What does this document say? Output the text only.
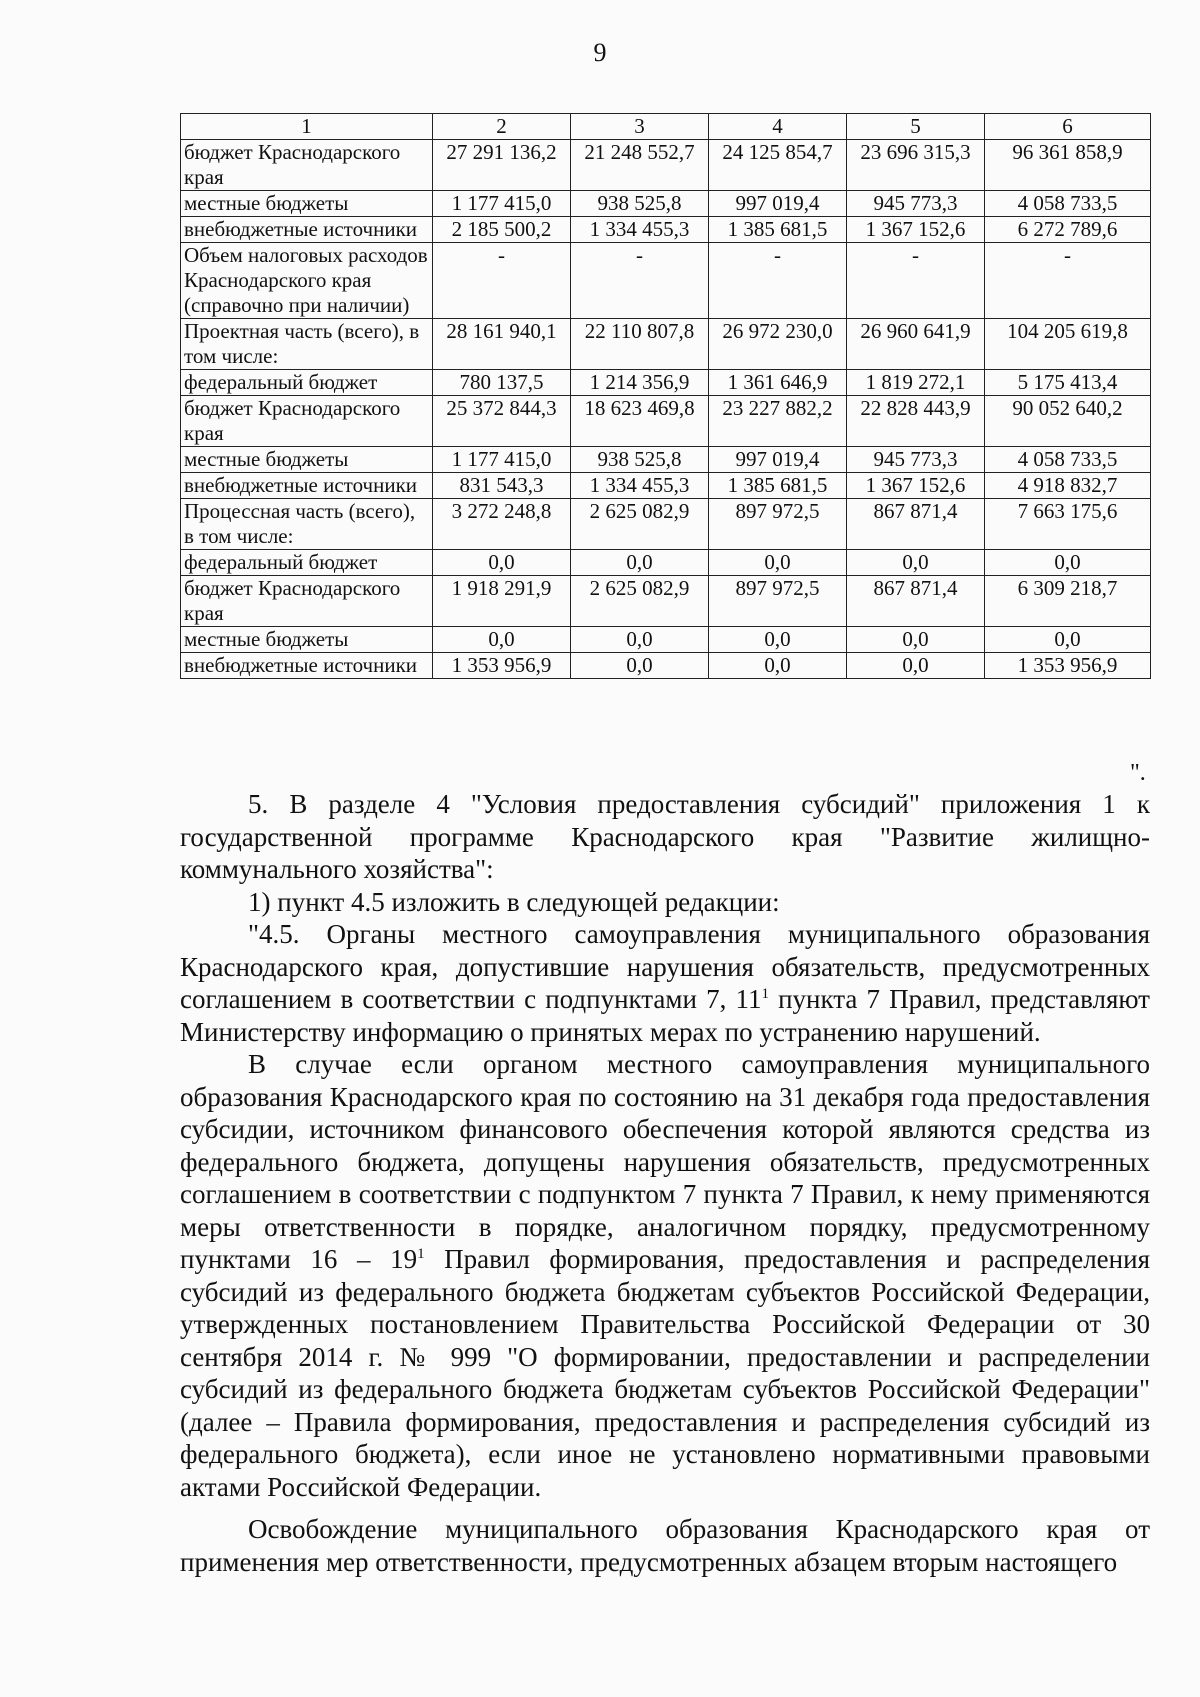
9
1	2	3	4	5	6
бюджет Краснодарского края	27 291 136,2	21 248 552,7	24 125 854,7	23 696 315,3	96 361 858,9
местные бюджеты	1 177 415,0	938 525,8	997 019,4	945 773,3	4 058 733,5
внебюджетные источники	2 185 500,2	1 334 455,3	1 385 681,5	1 367 152,6	6 272 789,6
Объем налоговых расходов Краснодарского края (справочно при наличии)	-	-	-	-	-
Проектная часть (всего), в том числе:	28 161 940,1	22 110 807,8	26 972 230,0	26 960 641,9	104 205 619,8
федеральный бюджет	780 137,5	1 214 356,9	1 361 646,9	1 819 272,1	5 175 413,4
бюджет Краснодарского края	25 372 844,3	18 623 469,8	23 227 882,2	22 828 443,9	90 052 640,2
местные бюджеты	1 177 415,0	938 525,8	997 019,4	945 773,3	4 058 733,5
внебюджетные источники	831 543,3	1 334 455,3	1 385 681,5	1 367 152,6	4 918 832,7
Процессная часть (всего), в том числе:	3 272 248,8	2 625 082,9	897 972,5	867 871,4	7 663 175,6
федеральный бюджет	0,0	0,0	0,0	0,0	0,0
бюджет Краснодарского края	1 918 291,9	2 625 082,9	897 972,5	867 871,4	6 309 218,7
местные бюджеты	0,0	0,0	0,0	0,0	0,0
внебюджетные источники	1 353 956,9	0,0	0,0	0,0	1 353 956,9
".

5. В разделе 4 "Условия предоставления субсидий" приложения 1 к государственной программе Краснодарского края "Развитие жилищно-коммунального хозяйства":

1) пункт 4.5 изложить в следующей редакции:

"4.5. Органы местного самоуправления муниципального образования Краснодарского края, допустившие нарушения обязательств, предусмотренных соглашением в соответствии с подпунктами 7, $11^1$ пункта 7 Правил, представляют Министерству информацию о принятых мерах по устранению нарушений.

В случае если органом местного самоуправления муниципального образования Краснодарского края по состоянию на 31 декабря года предоставления субсидии, источником финансового обеспечения которой являются средства из федерального бюджета, допущены нарушения обязательств, предусмотренных соглашением в соответствии с подпунктом 7 пункта 7 Правил, к нему применяются меры ответственности в порядке, аналогичном порядку, предусмотренному пунктами $16 - 19^1$ Правил формирования, предоставления и распределения субсидий из федерального бюджета бюджетам субъектов Российской Федерации, утвержденных постановлением Правительства Российской Федерации от 30 сентября 2014 г. № 999 "О формировании, предоставлении и распределении субсидий из федерального бюджета бюджетам субъектов Российской Федерации" (далее – Правила формирования, предоставления и распределения субсидий из федерального бюджета), если иное не установлено нормативными правовыми актами Российской Федерации.

Освобождение муниципального образования Краснодарского края от применения мер ответственности, предусмотренных абзацем вторым настоящего
